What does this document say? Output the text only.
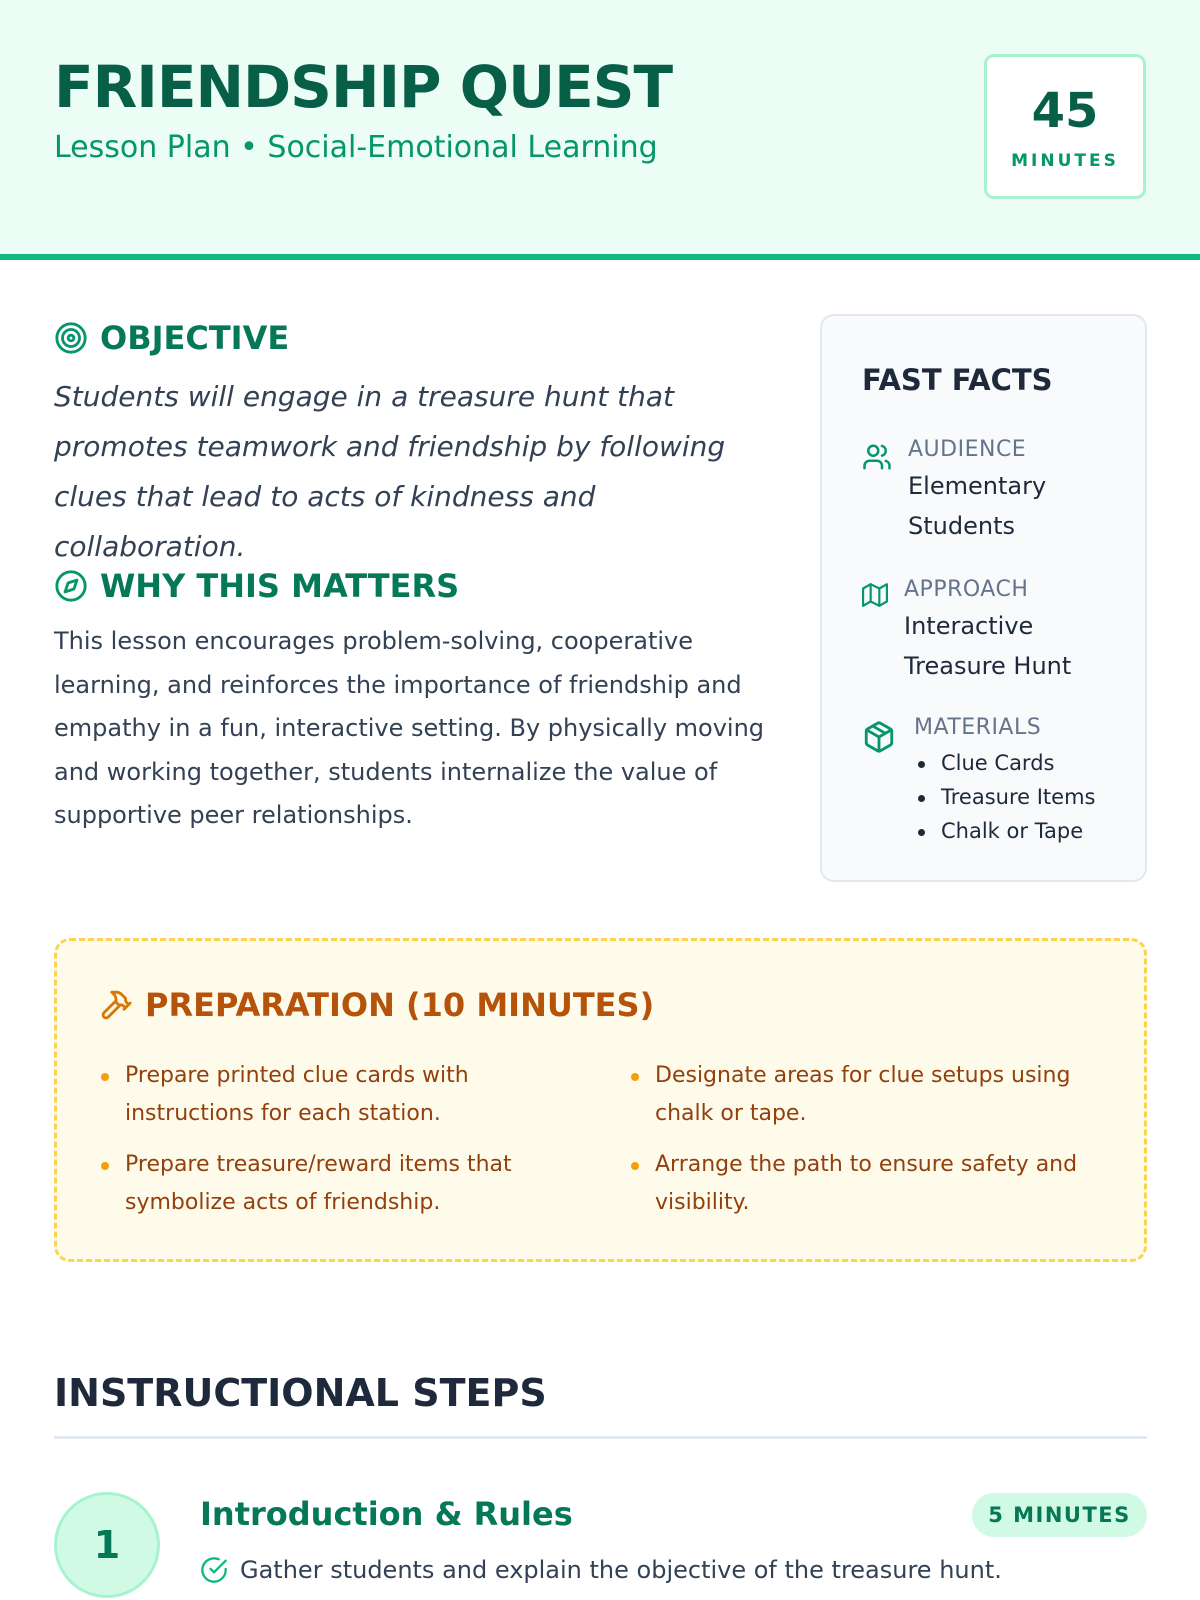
FRIENDSHIP QUEST
Lesson Plan • Social-Emotional Learning
45
MINUTES
OBJECTIVE
Students will engage in a treasure hunt that promotes teamwork and friendship by following clues that lead to acts of kindness and collaboration.
WHY THIS MATTERS
This lesson encourages problem-solving, cooperative learning, and reinforces the importance of friendship and empathy in a fun, interactive setting. By physically moving and working together, students internalize the value of supportive peer relationships.
FAST FACTS
AUDIENCE
Elementary Students
APPROACH
Interactive Treasure Hunt
MATERIALS
Clue Cards
Treasure Items
Chalk or Tape
PREPARATION (10 MINUTES)
Prepare printed clue cards with instructions for each station.
Prepare treasure/reward items that symbolize acts of friendship.
Designate areas for clue setups using chalk or tape.
Arrange the path to ensure safety and visibility.
INSTRUCTIONAL STEPS
1
Introduction & Rules	5 MINUTES
Gather students and explain the objective of the treasure hunt.
